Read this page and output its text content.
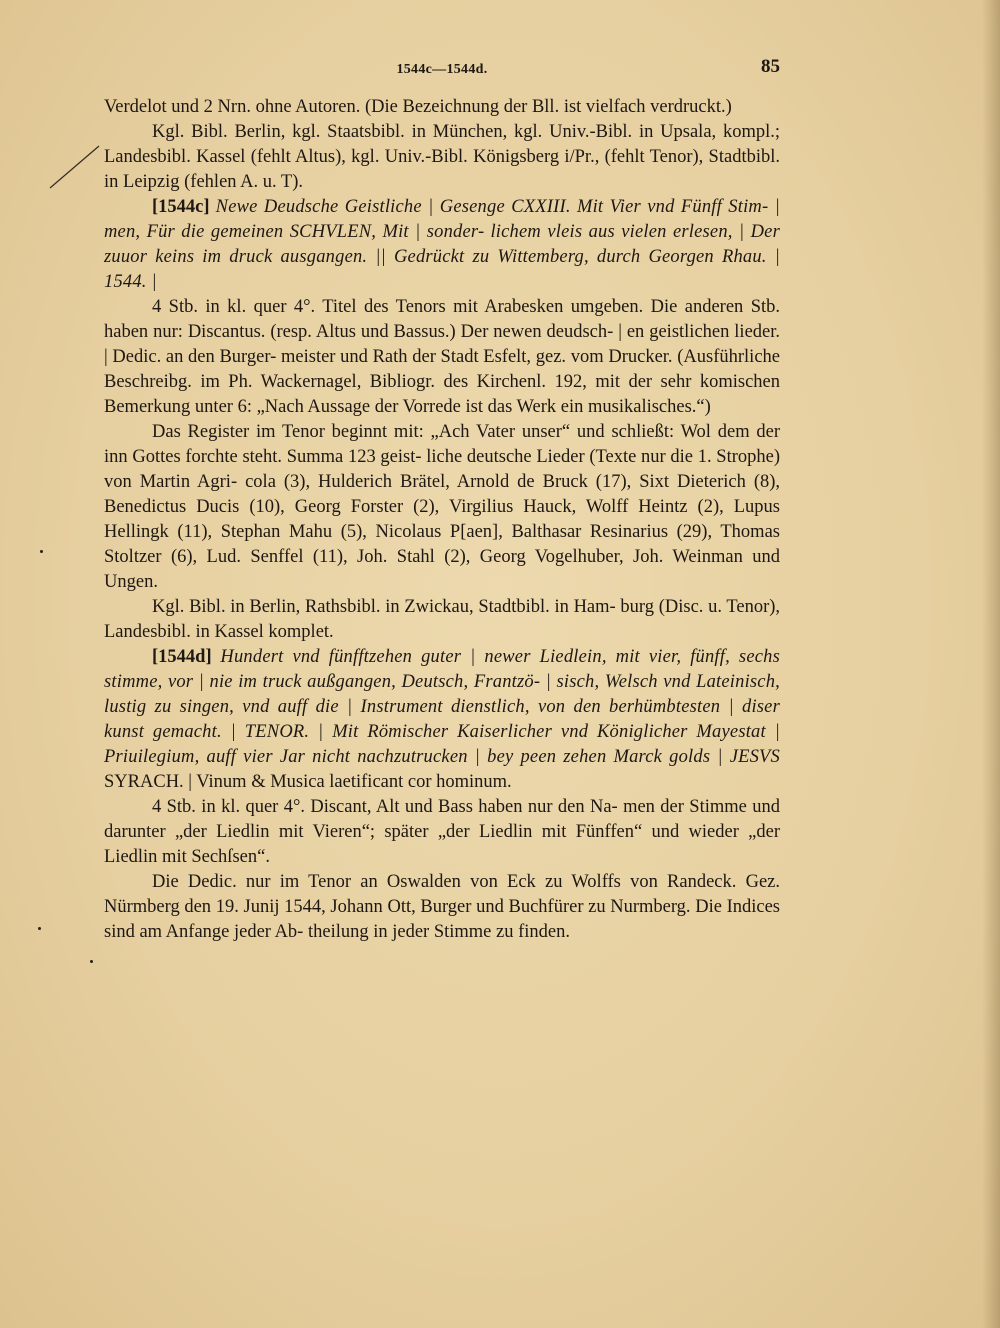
1544c—1544d.	85

Verdelot und 2 Nrn. ohne Autoren. (Die Bezeichnung der Bll. ist vielfach verdruckt.)

Kgl. Bibl. Berlin, kgl. Staatsbibl. in München, kgl. Univ.-Bibl. in Upsala, kompl.; Landesbibl. Kassel (fehlt Altus), kgl. Univ.-Bibl. Königsberg i/Pr., (fehlt Tenor), Stadtbibl. in Leipzig (fehlen A. u. T).

[1544c] Newe Deudsche Geistliche | Gesenge CXXIII. Mit Vier vnd Fünff Stim- | men, Für die gemeinen SCHVLEN, Mit | sonder- lichem vleis aus vielen erlesen, | Der zuuor keins im druck ausgangen. || Gedrückt zu Wittemberg, durch Georgen Rhau. | 1544. |

4 Stb. in kl. quer 4°. Titel des Tenors mit Arabesken umgeben. Die anderen Stb. haben nur: Discantus. (resp. Altus und Bassus.) Der newen deudsch- | en geistlichen lieder. | Dedic. an den Burger- meister und Rath der Stadt Esfelt, gez. vom Drucker. (Ausführliche Beschreibg. im Ph. Wackernagel, Bibliogr. des Kirchenl. 192, mit der sehr komischen Bemerkung unter 6: „Nach Aussage der Vorrede ist das Werk ein musikalisches.“)

Das Register im Tenor beginnt mit: „Ach Vater unser“ und schließt: Wol dem der inn Gottes forchte steht. Summa 123 geist- liche deutsche Lieder (Texte nur die 1. Strophe) von Martin Agri- cola (3), Hulderich Brätel, Arnold de Bruck (17), Sixt Dieterich (8), Benedictus Ducis (10), Georg Forster (2), Virgilius Hauck, Wolff Heintz (2), Lupus Hellingk (11), Stephan Mahu (5), Nicolaus P[aen], Balthasar Resinarius (29), Thomas Stoltzer (6), Lud. Senffel (11), Joh. Stahl (2), Georg Vogelhuber, Joh. Weinman und Ungen.

Kgl. Bibl. in Berlin, Rathsbibl. in Zwickau, Stadtbibl. in Ham- burg (Disc. u. Tenor), Landesbibl. in Kassel komplet.

[1544d] Hundert vnd fünfftzehen guter | newer Liedlein, mit vier, fünff, sechs stimme, vor | nie im truck außgangen, Deutsch, Frantzö- | sisch, Welsch vnd Lateinisch, lustig zu singen, vnd auff die | Instrument dienstlich, von den berhümbtesten | diser kunst gemacht. | TENOR. | Mit Römischer Kaiserlicher vnd Königlicher Mayestat | Priuilegium, auff vier Jar nicht nachzutrucken | bey peen zehen Marck golds | JESVS SYRACH. | Vinum & Musica laetificant cor hominum.

4 Stb. in kl. quer 4°. Discant, Alt und Bass haben nur den Na- men der Stimme und darunter „der Liedlin mit Vieren“; später „der Liedlin mit Fünffen“ und wieder „der Liedlin mit Sechſsen“.

Die Dedic. nur im Tenor an Oswalden von Eck zu Wolffs von Randeck. Gez. Nürmberg den 19. Junij 1544, Johann Ott, Burger und Buchfürer zu Nurmberg. Die Indices sind am Anfange jeder Ab- theilung in jeder Stimme zu finden.
